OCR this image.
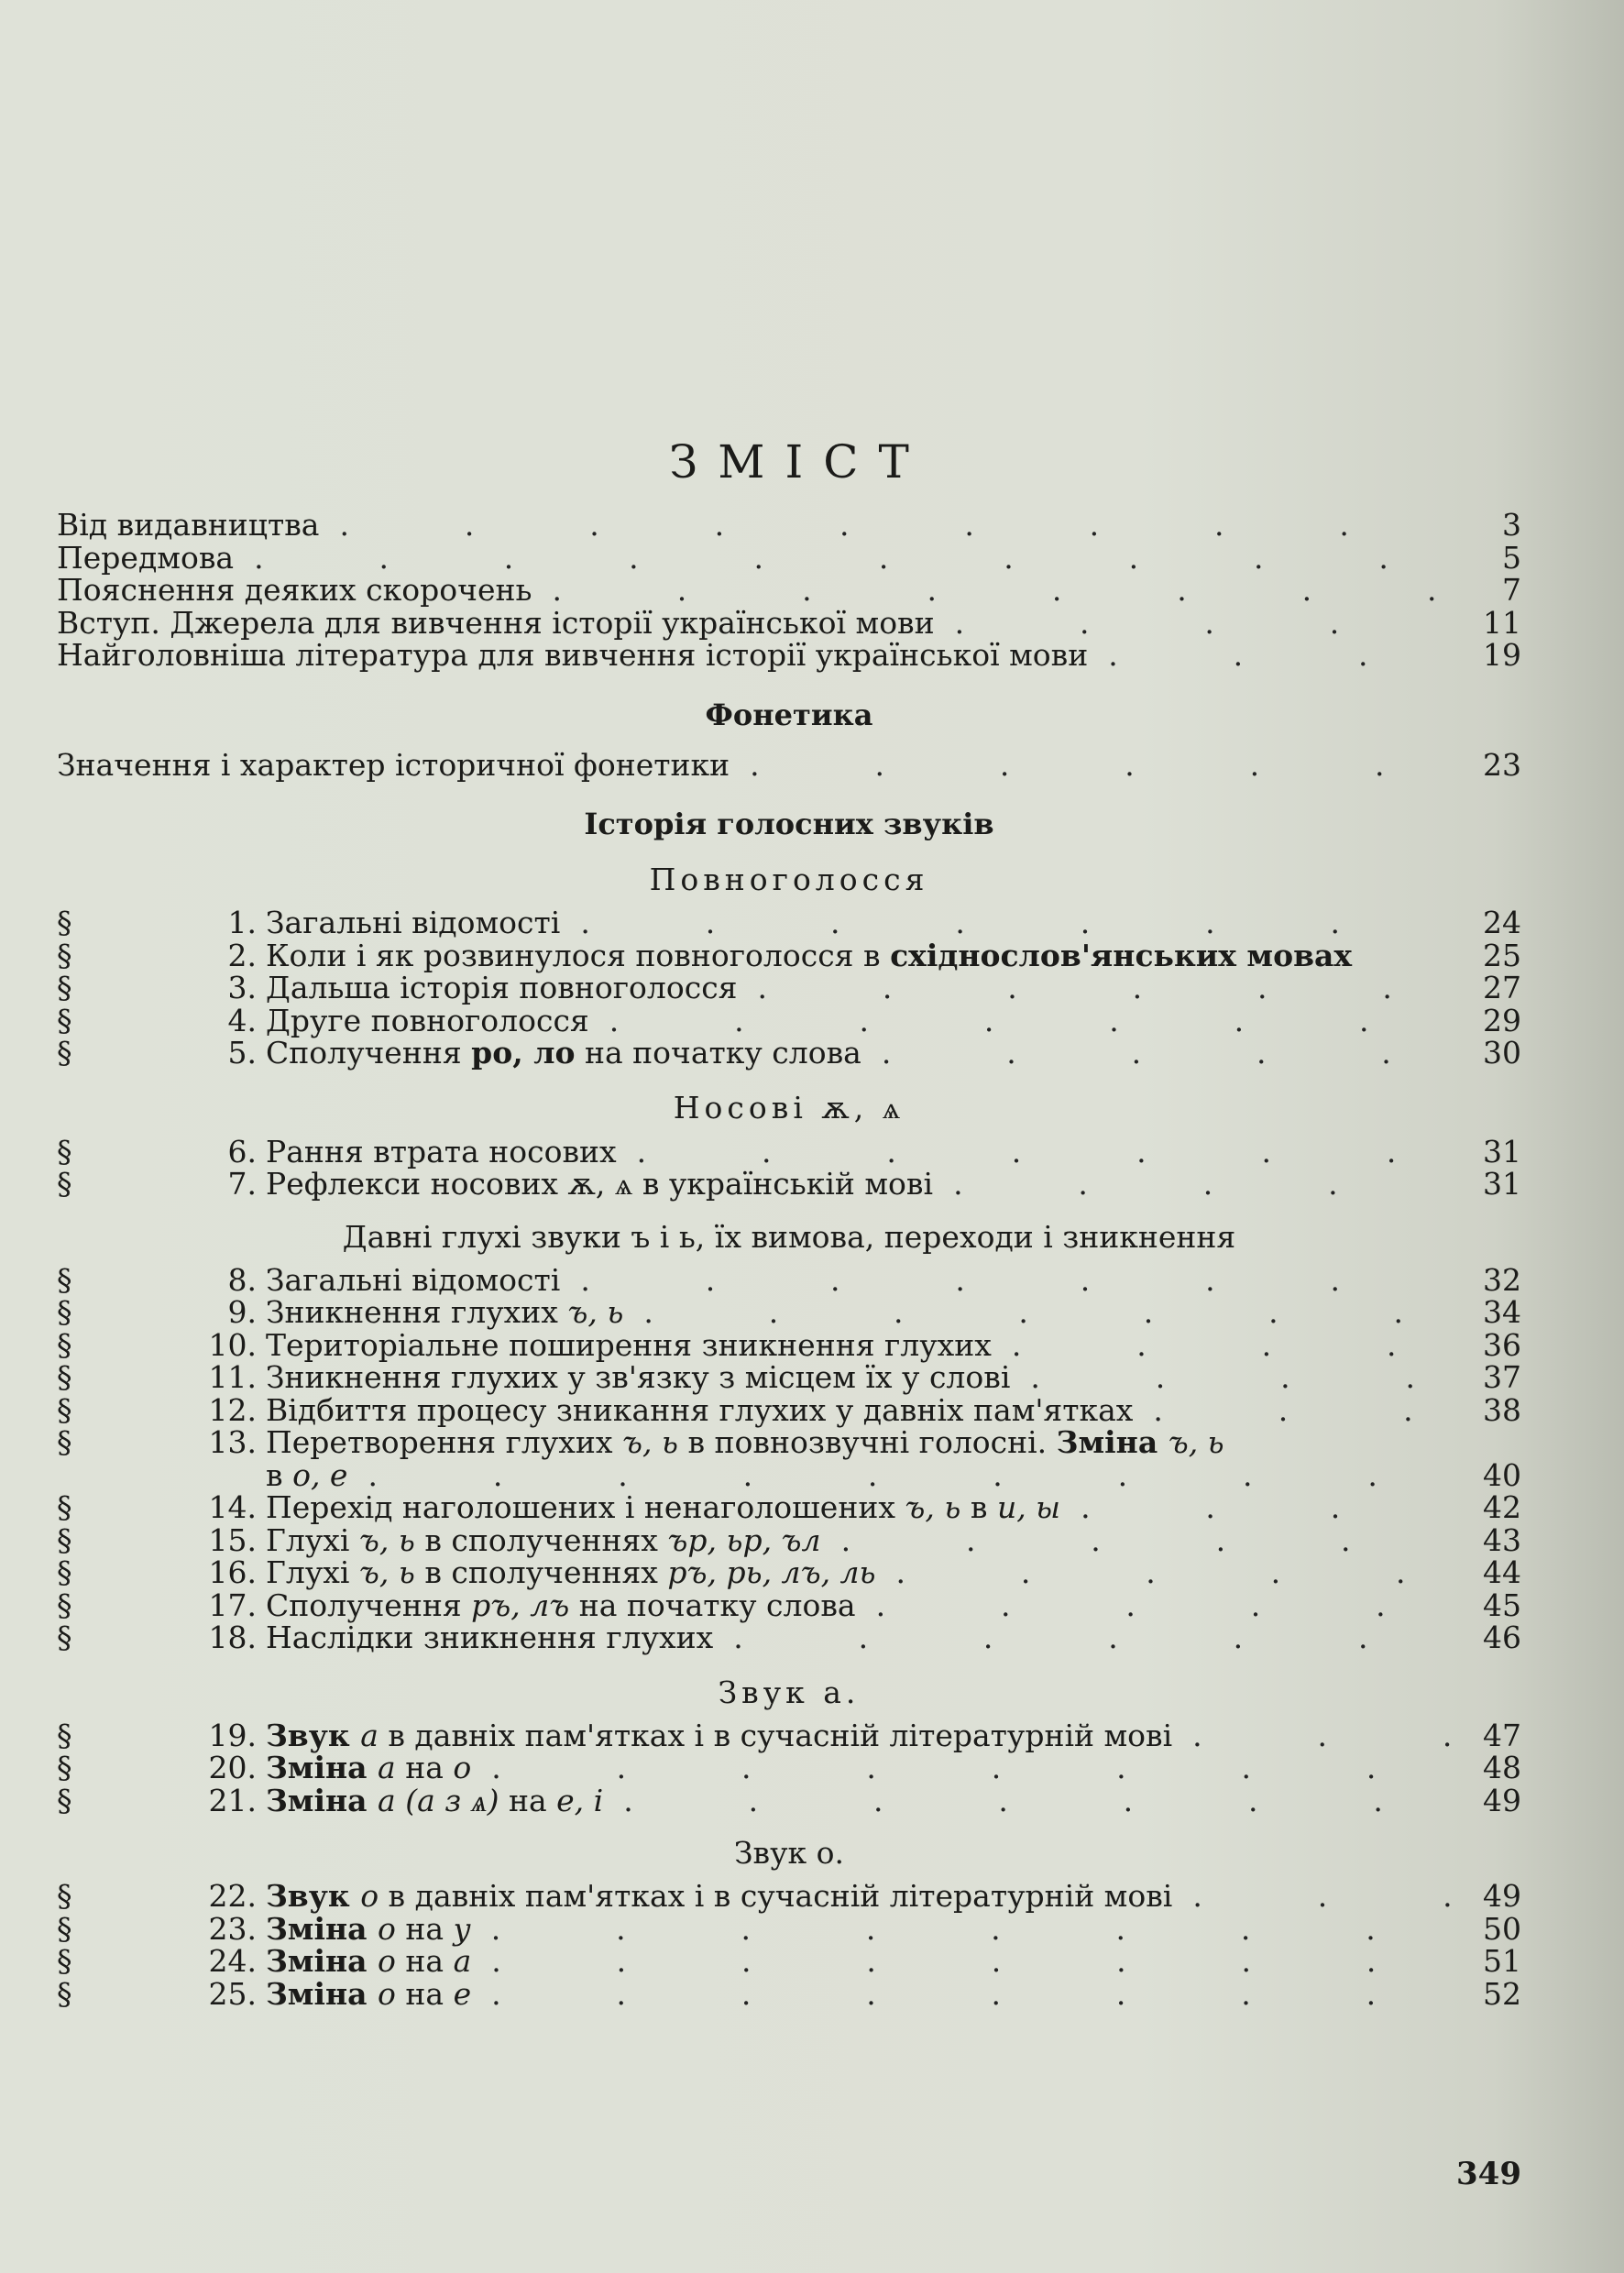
ЗМІСТ
Від видавництва .	3
Передмова .	5
Пояснення деяких скорочень .	7
Вступ. Джерела для вивчення історії української мови .	11
Найголовніша література для вивчення історії української мови .	19
Фонетика
Значення і характер історичної фонетики .	23
Історія голосних звуків
Повноголосся
§	1. Загальні відомості .	24
§	2. Коли і як розвинулося повноголосся в східнослов'янських мовах	25
§	3. Дальша історія повноголосся .	27
§	4. Друге повноголосся .	29
§	5. Сполучення ро, ло на початку слова .	30
Носові ѫ, ѧ
§	6. Рання втрата носових .	31
§	7. Рефлекси носових ѫ, ѧ в українській мові .	31
Давні глухі звуки ъ і ь, їх вимова, переходи і зникнення
§	8. Загальні відомості .	32
§	9. Зникнення глухих ъ, ь .	34
§	10. Територіальне поширення зникнення глухих .	36
§	11. Зникнення глухих у зв'язку з місцем їх у слові .	37
§	12. Відбиття процесу зникання глухих у давніх пам'ятках .	38
§	13. Перетворення глухих ъ, ь в повнозвучні голосні. Зміна ъ, ь
в о, е .	40
§	14. Перехід наголошених і ненаголошених ъ, ь в и, ы .	42
§	15. Глухі ъ, ь в сполученнях ър, ьр, ъл .	43
§	16. Глухі ъ, ь в сполученнях ръ, рь, лъ, ль .	44
§	17. Сполучення ръ, лъ на початку слова .	45
§	18. Наслідки зникнення глухих .	46
Звук а.
§	19. Звук а в давніх пам'ятках і в сучасній літературній мові .	47
§	20. Зміна а на о .	48
§	21. Зміна а (а з ѧ) на е, і .	49
Звук о.
§	22. Звук о в давніх пам'ятках і в сучасній літературній мові .	49
§	23. Зміна о на у .	50
§	24. Зміна о на а .	51
§	25. Зміна о на е .	52
349
